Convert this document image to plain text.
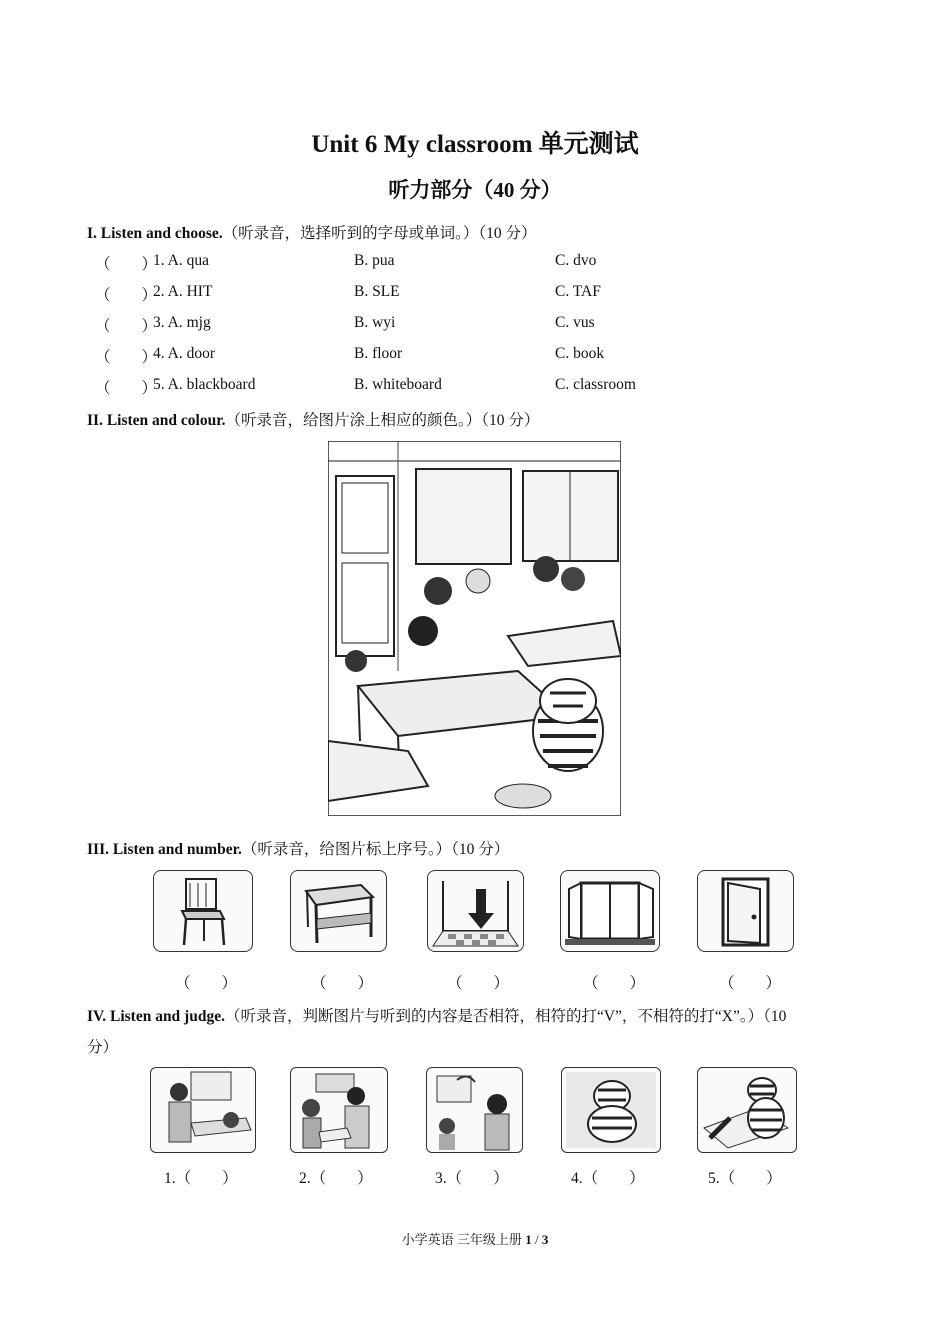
Unit 6 My classroom 单元测试
听力部分（40 分）
I. Listen and choose.（听录音，选择听到的字母或单词。）（10 分）
（　　）
1. A. qua	B. pua	C. dvo
（　　）
2. A. HIT	B. SLE	C. TAF
（　　）
3. A. mjg	B. wyi	C. vus
（　　）
4. A. door	B. floor	C. book
（　　）
5. A. blackboard	B. whiteboard	C. classroom
II. Listen and colour.（听录音，给图片涂上相应的颜色。）（10 分）
III. Listen and number.（听录音，给图片标上序号。）（10 分）
（　　）	（　　）	（　　）	（　　）	（　　）
IV. Listen and judge.（听录音，判断图片与听到的内容是否相符，相符的打“V”，不相符的打“X”。）（10
分）
1.（　　）	2.（　　）	3.（　　）	4.（　　）	5.（　　）
小学英语 三年级上册 1 / 3
